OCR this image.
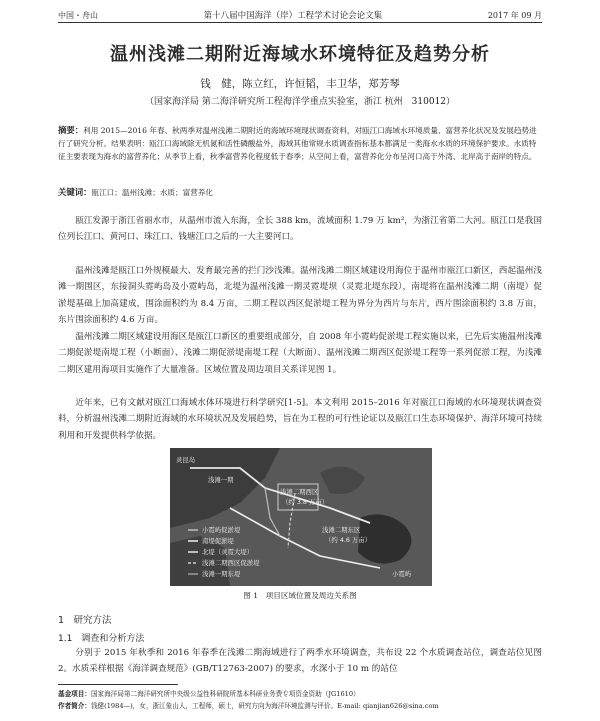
中国・舟山	第十八届中国海洋（岸）工程学术讨论会论文集	2017 年 09 月
温州浅滩二期附近海域水环境特征及趋势分析
钱　健，陈立红，许恒韬，丰卫华，郑芳琴
（国家海洋局 第二海洋研究所工程海洋学重点实验室，浙江 杭州　310012）
摘要：利用 2015—2016 年春、秋两季对温州浅滩二期附近的海域环境现状调查资料，对瓯江口海域水环境质量、富营养化状况及发展趋势进行了研究分析。结果表明：瓯江口海域除无机氮和活性磷酸盐外，海域其他常规水质调查指标基本都满足一类海水水质的环境保护要求。水质特征主要表现为海水的富营养化；从季节上看，秋季富营养化程度低于春季；从空间上看，富营养化分布呈河口高于外湾、北岸高于南岸的特点。
关键词：瓯江口；温州浅滩；水质；富营养化

瓯江发源于浙江省丽水市，从温州市流入东海，全长 388 km，流域面积 1.79 万 km²，为浙江省第二大河。瓯江口是我国位列长江口、黄河口、珠江口、钱塘江口之后的一大主要河口。

温州浅滩是瓯江口外规模最大、发育最完善的拦门沙浅滩。温州浅滩二期区域建设用海位于温州市瓯江口新区，西起温州浅滩一期围区，东接洞头霓屿岛及小霓屿岛，北堤为温州浅滩一期灵霓堤坝（灵霓北堤东段），南堤将在温州浅滩二期（南堤）促淤堤基础上加高建成，围涂面积约为 8.4 万亩，二期工程以西区促淤堤工程为界分为西片与东片，西片围涂面积约 3.8 万亩，东片围涂面积约 4.6 万亩。

温州浅滩二期区域建设用海区是瓯江口新区的重要组成部分，自 2008 年小霓屿促淤堤工程实施以来，已先后实施温州浅滩二期促淤堤南堤工程（小断面）、浅滩二期促淤堤南堤工程（大断面）、温州浅滩二期西区促淤堤工程等一系列促淤工程，为浅滩二期区建用海项目实施作了大量准备。区域位置及周边项目关系详见图 1。

近年来，已有文献对瓯江口海域水体环境进行科学研究[1-5]。本文利用 2015–2016 年对瓯江口海域的水环境现状调查资料，分析温州浅滩二期附近海域的水环境状况及发展趋势，旨在为工程的可行性论证以及瓯江口生态环境保护、海洋环境可持续利用和开发提供科学依据。

灵昆岛
浅滩一期
浅滩二期西区
（约 3.8 万亩）
浅滩二期东区
（约 4.6 万亩）
小霓屿
小霓屿促淤堤
南堤促淤堤
北堤（灵霓大堤）
浅滩二期西区促淤堤
浅滩一期东堤
图 1　项目区域位置及周边关系图
1　研究方法
1.1　调查和分析方法

分别于 2015 年秋季和 2016 年春季在浅滩二期海域进行了两季水环境调查，共布设 22 个水质调查站位，调查站位见图 2。水质采样根据《海洋调查规范》(GB/T12763-2007) 的要求，水深小于 10 m 的站位

基金项目：国家海洋局第二海洋研究所中央级公益性科研院所基本科研业务费专项资金资助（JG1610）
作者简介：钱健(1984—)，女，浙江象山人，工程师，硕士，研究方向为海洋环境监测与评价。E-mail: qianjian626@sina.com
